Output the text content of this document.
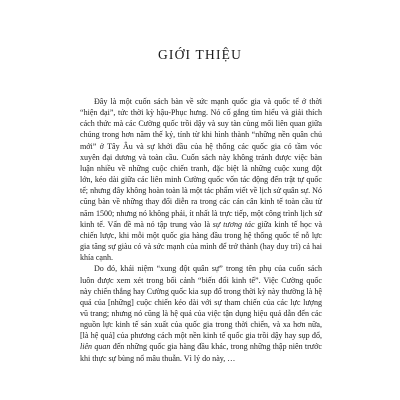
GIỚI THIỆU

Đây là một cuốn sách bàn về sức mạnh quốc gia và quốc tế ở thời “hiện đại”, tức thời kỳ hậu-Phục hưng. Nó cố gắng tìm hiểu và giải thích cách thức mà các Cường quốc trồi dậy và suy tàn cùng mối liên quan giữa chúng trong hơn năm thế kỷ, tính từ khi hình thành “những nền quân chủ mới” ở Tây Âu và sự khởi đầu của hệ thống các quốc gia có tầm vóc xuyên đại dương và toàn cầu. Cuốn sách này không tránh được việc bàn luận nhiều về những cuộc chiến tranh, đặc biệt là những cuộc xung đột lớn, kéo dài giữa các liên minh Cường quốc vốn tác động đến trật tự quốc tế; nhưng đây không hoàn toàn là một tác phẩm viết về lịch sử quân sự. Nó cũng bàn về những thay đổi diễn ra trong các cán cân kinh tế toàn cầu từ năm 1500; nhưng nó không phải, ít nhất là trực tiếp, một công trình lịch sử kinh tế. Vấn đề mà nó tập trung vào là sự tương tác giữa kinh tế học và chiến lược, khi mỗi một quốc gia hàng đầu trong hệ thống quốc tế nỗ lực gia tăng sự giàu có và sức mạnh của mình để trở thành (hay duy trì) cả hai khía cạnh.

Do đó, khái niệm “xung đột quân sự” trong tên phụ của cuốn sách luôn được xem xét trong bối cảnh “biến đổi kinh tế”. Việc Cường quốc này chiến thắng hay Cường quốc kia sụp đổ trong thời kỳ này thường là hệ quả của [những] cuộc chiến kéo dài với sự tham chiến của các lực lượng vũ trang; nhưng nó cũng là hệ quả của việc tận dụng hiệu quả dẫn đến các nguồn lực kinh tế sản xuất của quốc gia trong thời chiến, và xa hơn nữa, [là hệ quả] của phương cách một nền kinh tế quốc gia trồi dậy hay sụp đổ, liên quan đến những quốc gia hàng đầu khác, trong những thập niên trước khi thực sự bùng nổ mâu thuẫn. Vì lý do này, …
